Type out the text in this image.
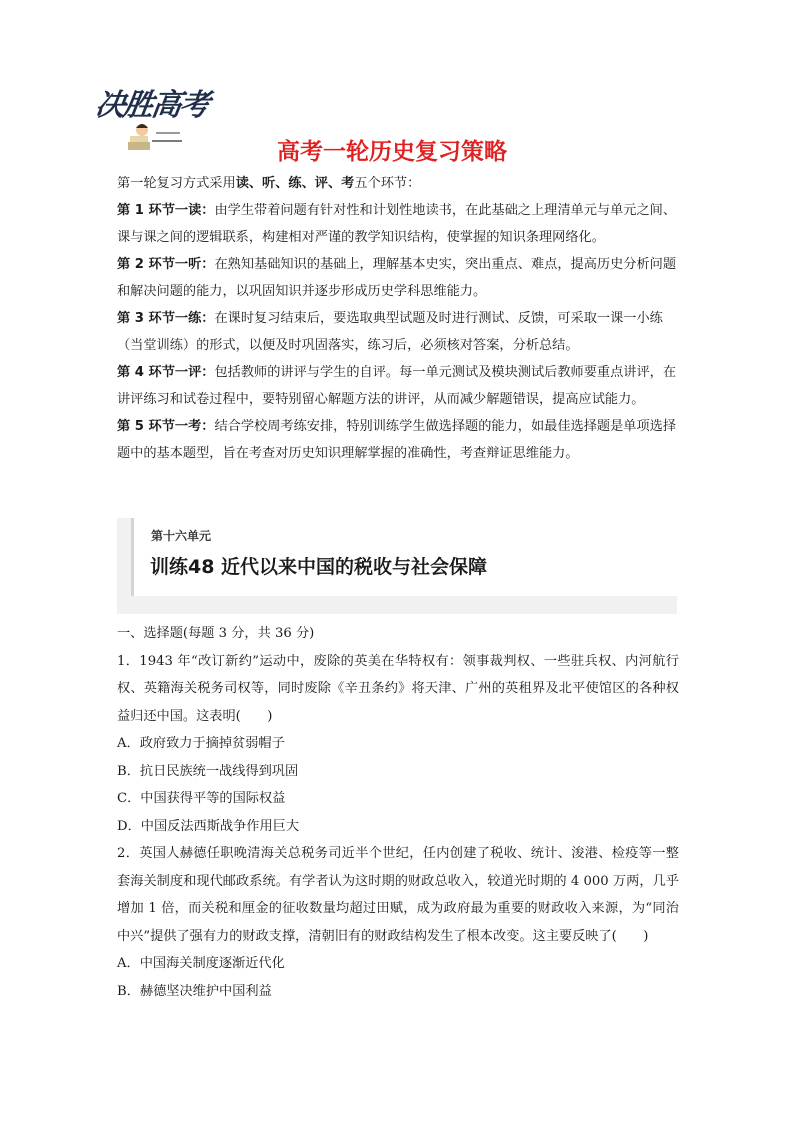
决胜高考
高考一轮历史复习策略

第一轮复习方式采用读、听、练、评、考五个环节：

第 1 环节一读：由学生带着问题有针对性和计划性地读书，在此基础之上理清单元与单元之间、课与课之间的逻辑联系，构建相对严谨的教学知识结构，使掌握的知识条理网络化。

第 2 环节一听：在熟知基础知识的基础上，理解基本史实，突出重点、难点，提高历史分析问题和解决问题的能力，以巩固知识并逐步形成历史学科思维能力。

第 3 环节一练：在课时复习结束后，要选取典型试题及时进行测试、反馈，可采取一课一小练（当堂训练）的形式，以便及时巩固落实，练习后，必须核对答案，分析总结。

第 4 环节一评：包括教师的讲评与学生的自评。每一单元测试及模块测试后教师要重点讲评，在讲评练习和试卷过程中，要特别留心解题方法的讲评，从而减少解题错误，提高应试能力。

第 5 环节一考：结合学校周考练安排，特别训练学生做选择题的能力，如最佳选择题是单项选择题中的基本题型，旨在考查对历史知识理解掌握的准确性，考查辩证思维能力。

第十六单元
训练48 近代以来中国的税收与社会保障

一、选择题(每题 3 分，共 36 分)

1．1943 年“改订新约”运动中，废除的英美在华特权有：领事裁判权、一些驻兵权、内河航行权、英籍海关税务司权等，同时废除《辛丑条约》将天津、广州的英租界及北平使馆区的各种权益归还中国。这表明(　　)

A．政府致力于摘掉贫弱帽子

B．抗日民族统一战线得到巩固

C．中国获得平等的国际权益

D．中国反法西斯战争作用巨大

2．英国人赫德任职晚清海关总税务司近半个世纪，任内创建了税收、统计、浚港、检疫等一整套海关制度和现代邮政系统。有学者认为这时期的财政总收入，较道光时期的 4 000 万两，几乎增加 1 倍，而关税和厘金的征收数量均超过田赋，成为政府最为重要的财政收入来源，为“同治中兴”提供了强有力的财政支撑，清朝旧有的财政结构发生了根本改变。这主要反映了(　　)

A．中国海关制度逐渐近代化

B．赫德坚决维护中国利益
